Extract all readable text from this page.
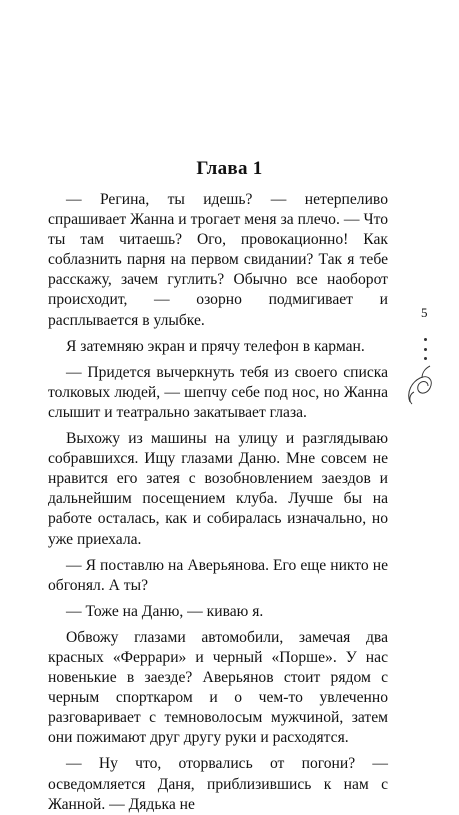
Глава 1

— Регина, ты идешь? — нетерпеливо спрашивает Жанна и трогает меня за плечо. — Что ты там читаешь? Ого, провокационно! Как соблазнить парня на первом свидании? Так я тебе расскажу, зачем гуглить? Обычно все наоборот происходит, — озорно подмигивает и расплывается в улыбке.

Я затемняю экран и прячу телефон в карман.

— Придется вычеркнуть тебя из своего списка толковых людей, — шепчу себе под нос, но Жанна слышит и театрально закатывает глаза.

Выхожу из машины на улицу и разглядываю собравшихся. Ищу глазами Даню. Мне совсем не нравится его затея с возобновлением заездов и дальнейшим посещением клуба. Лучше бы на работе осталась, как и собиралась изначально, но уже приехала.

— Я поставлю на Аверьянова. Его еще никто не обгонял. А ты?

— Тоже на Даню, — киваю я.

Обвожу глазами автомобили, замечая два красных «Феррари» и черный «Порше». У нас новенькие в заезде? Аверьянов стоит рядом с черным спорткаром и о чем-то увлеченно разговаривает с темноволосым мужчиной, затем они пожимают друг другу руки и расходятся.

— Ну что, оторвались от погони? — осведомляется Даня, приблизившись к нам с Жанной. — Дядька не

5
